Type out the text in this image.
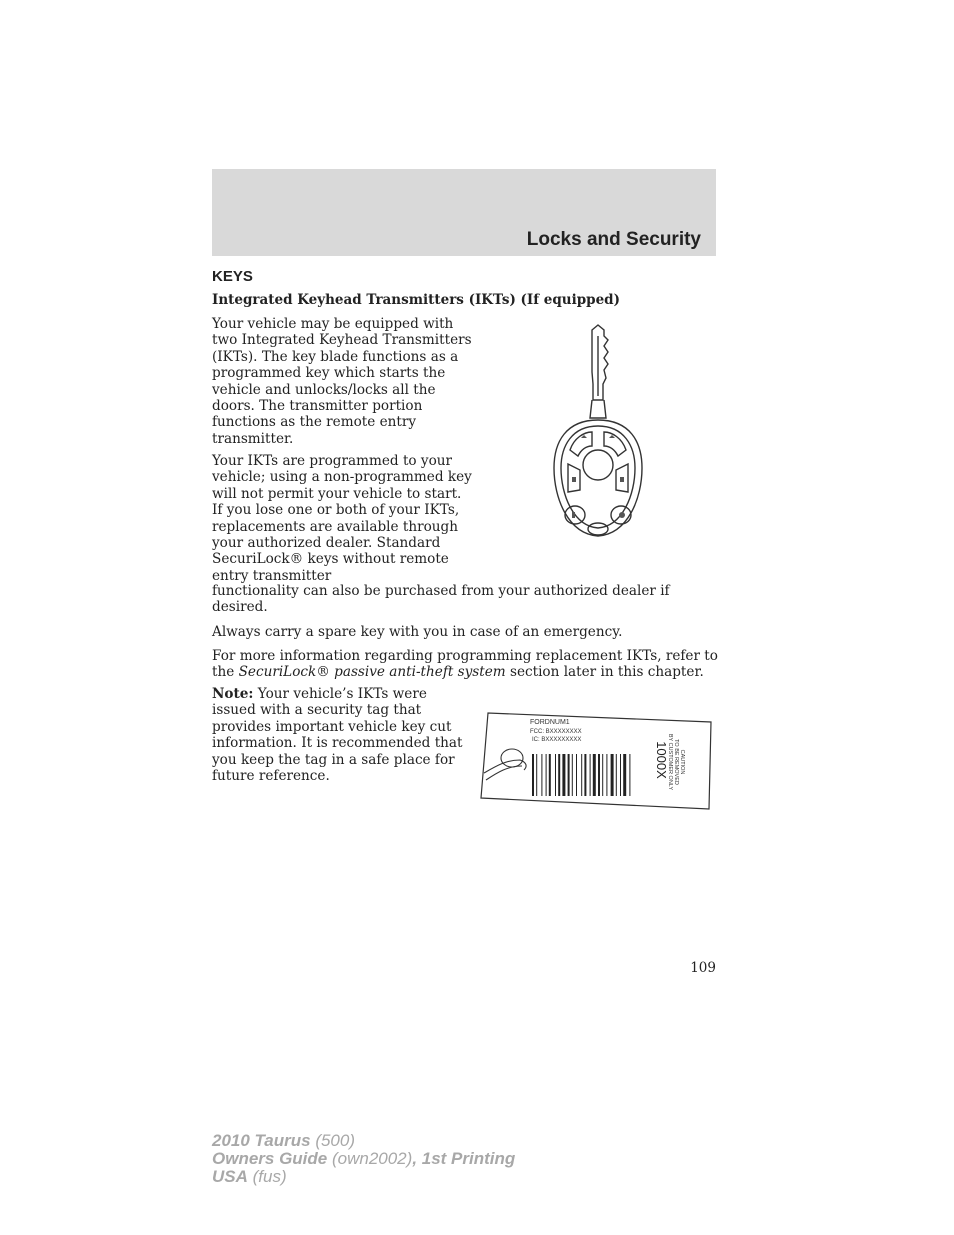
Locks and Security
KEYS
Integrated Keyhead Transmitters (IKTs) (If equipped)

Your vehicle may be equipped with two Integrated Keyhead Transmitters (IKTs). The key blade functions as a programmed key which starts the vehicle and unlocks/locks all the doors. The transmitter portion functions as the remote entry transmitter.

Your IKTs are programmed to your vehicle; using a non-programmed key will not permit your vehicle to start. If you lose one or both of your IKTs, replacements are available through your authorized dealer. Standard SecuriLock® keys without remote entry transmitter

functionality can also be purchased from your authorized dealer if desired.

Always carry a spare key with you in case of an emergency.

For more information regarding programming replacement IKTs, refer to the SecuriLock® passive anti-theft system section later in this chapter.

Note: Your vehicle’s IKTs were issued with a security tag that provides important vehicle key cut information. It is recommended that you keep the tag in a safe place for future reference.

FORDNUM1
FCC: BXXXXXXXX
IC: BXXXXXXXXX
1000X CAUTION
TO BE REMOVED
BY CUSTOMER ONLY
109
2010 Taurus (500)
Owners Guide (own2002), 1st Printing
USA (fus)
